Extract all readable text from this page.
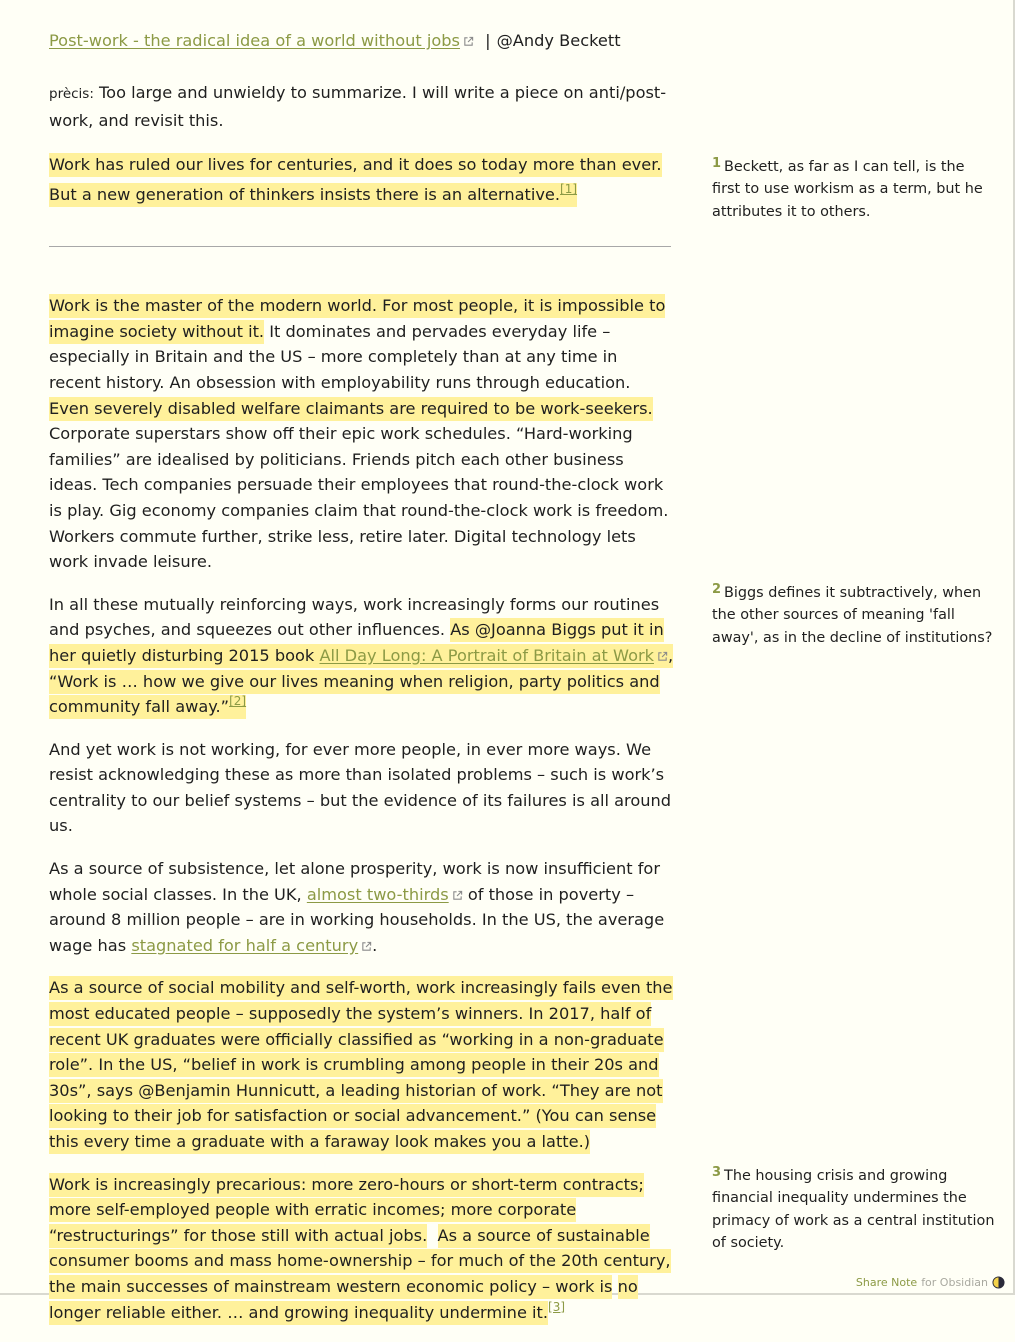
Post-work - the radical idea of a world without jobs | @Andy Beckett

prècis: Too large and unwieldy to summarize. I will write a piece on anti/post-work, and revisit this.

Work has ruled our lives for centuries, and it does so today more than ever. But a new generation of thinkers insists there is an alternative.[1]

Work is the master of the modern world. For most people, it is impossible to imagine society without it. It dominates and pervades everyday life – especially in Britain and the US – more completely than at any time in recent history. An obsession with employability runs through education. Even severely disabled welfare claimants are required to be work-seekers. Corporate superstars show off their epic work schedules. “Hard-working families” are idealised by politicians. Friends pitch each other business ideas. Tech companies persuade their employees that round-the-clock work is play. Gig economy companies claim that round-the-clock work is freedom. Workers commute further, strike less, retire later. Digital technology lets work invade leisure.

In all these mutually reinforcing ways, work increasingly forms our routines and psyches, and squeezes out other influences. As @Joanna Biggs put it in her quietly disturbing 2015 book All Day Long: A Portrait of Britain at Work , “Work is … how we give our lives meaning when religion, party politics and community fall away.”[2]

And yet work is not working, for ever more people, in ever more ways. We resist acknowledging these as more than isolated problems – such is work’s centrality to our belief systems – but the evidence of its failures is all around us.

As a source of subsistence, let alone prosperity, work is now insufficient for whole social classes. In the UK, almost two-thirds of those in poverty – around 8 million people – are in working households. In the US, the average wage has stagnated for half a century .

As a source of social mobility and self-worth, work increasingly fails even the most educated people – supposedly the system’s winners. In 2017, half of recent UK graduates were officially classified as “working in a non-graduate role”. In the US, “belief in work is crumbling among people in their 20s and 30s”, says @Benjamin Hunnicutt, a leading historian of work. “They are not looking to their job for satisfaction or social advancement.” (You can sense this every time a graduate with a faraway look makes you a latte.)

Work is increasingly precarious: more zero-hours or short-term contracts; more self-employed people with erratic incomes; more corporate “restructurings” for those still with actual jobs. As a source of sustainable consumer booms and mass home-ownership – for much of the 20th century, the main successes of mainstream western economic policy – work is no longer reliable either. … and growing inequality undermine it.[3]

1 Beckett, as far as I can tell, is the first to use workism as a term, but he attributes it to others.
2 Biggs defines it subtractively, when the other sources of meaning 'fall away', as in the decline of institutions?
3 The housing crisis and growing financial inequality undermines the primacy of work as a central institution of society.
Share Note for Obsidian
